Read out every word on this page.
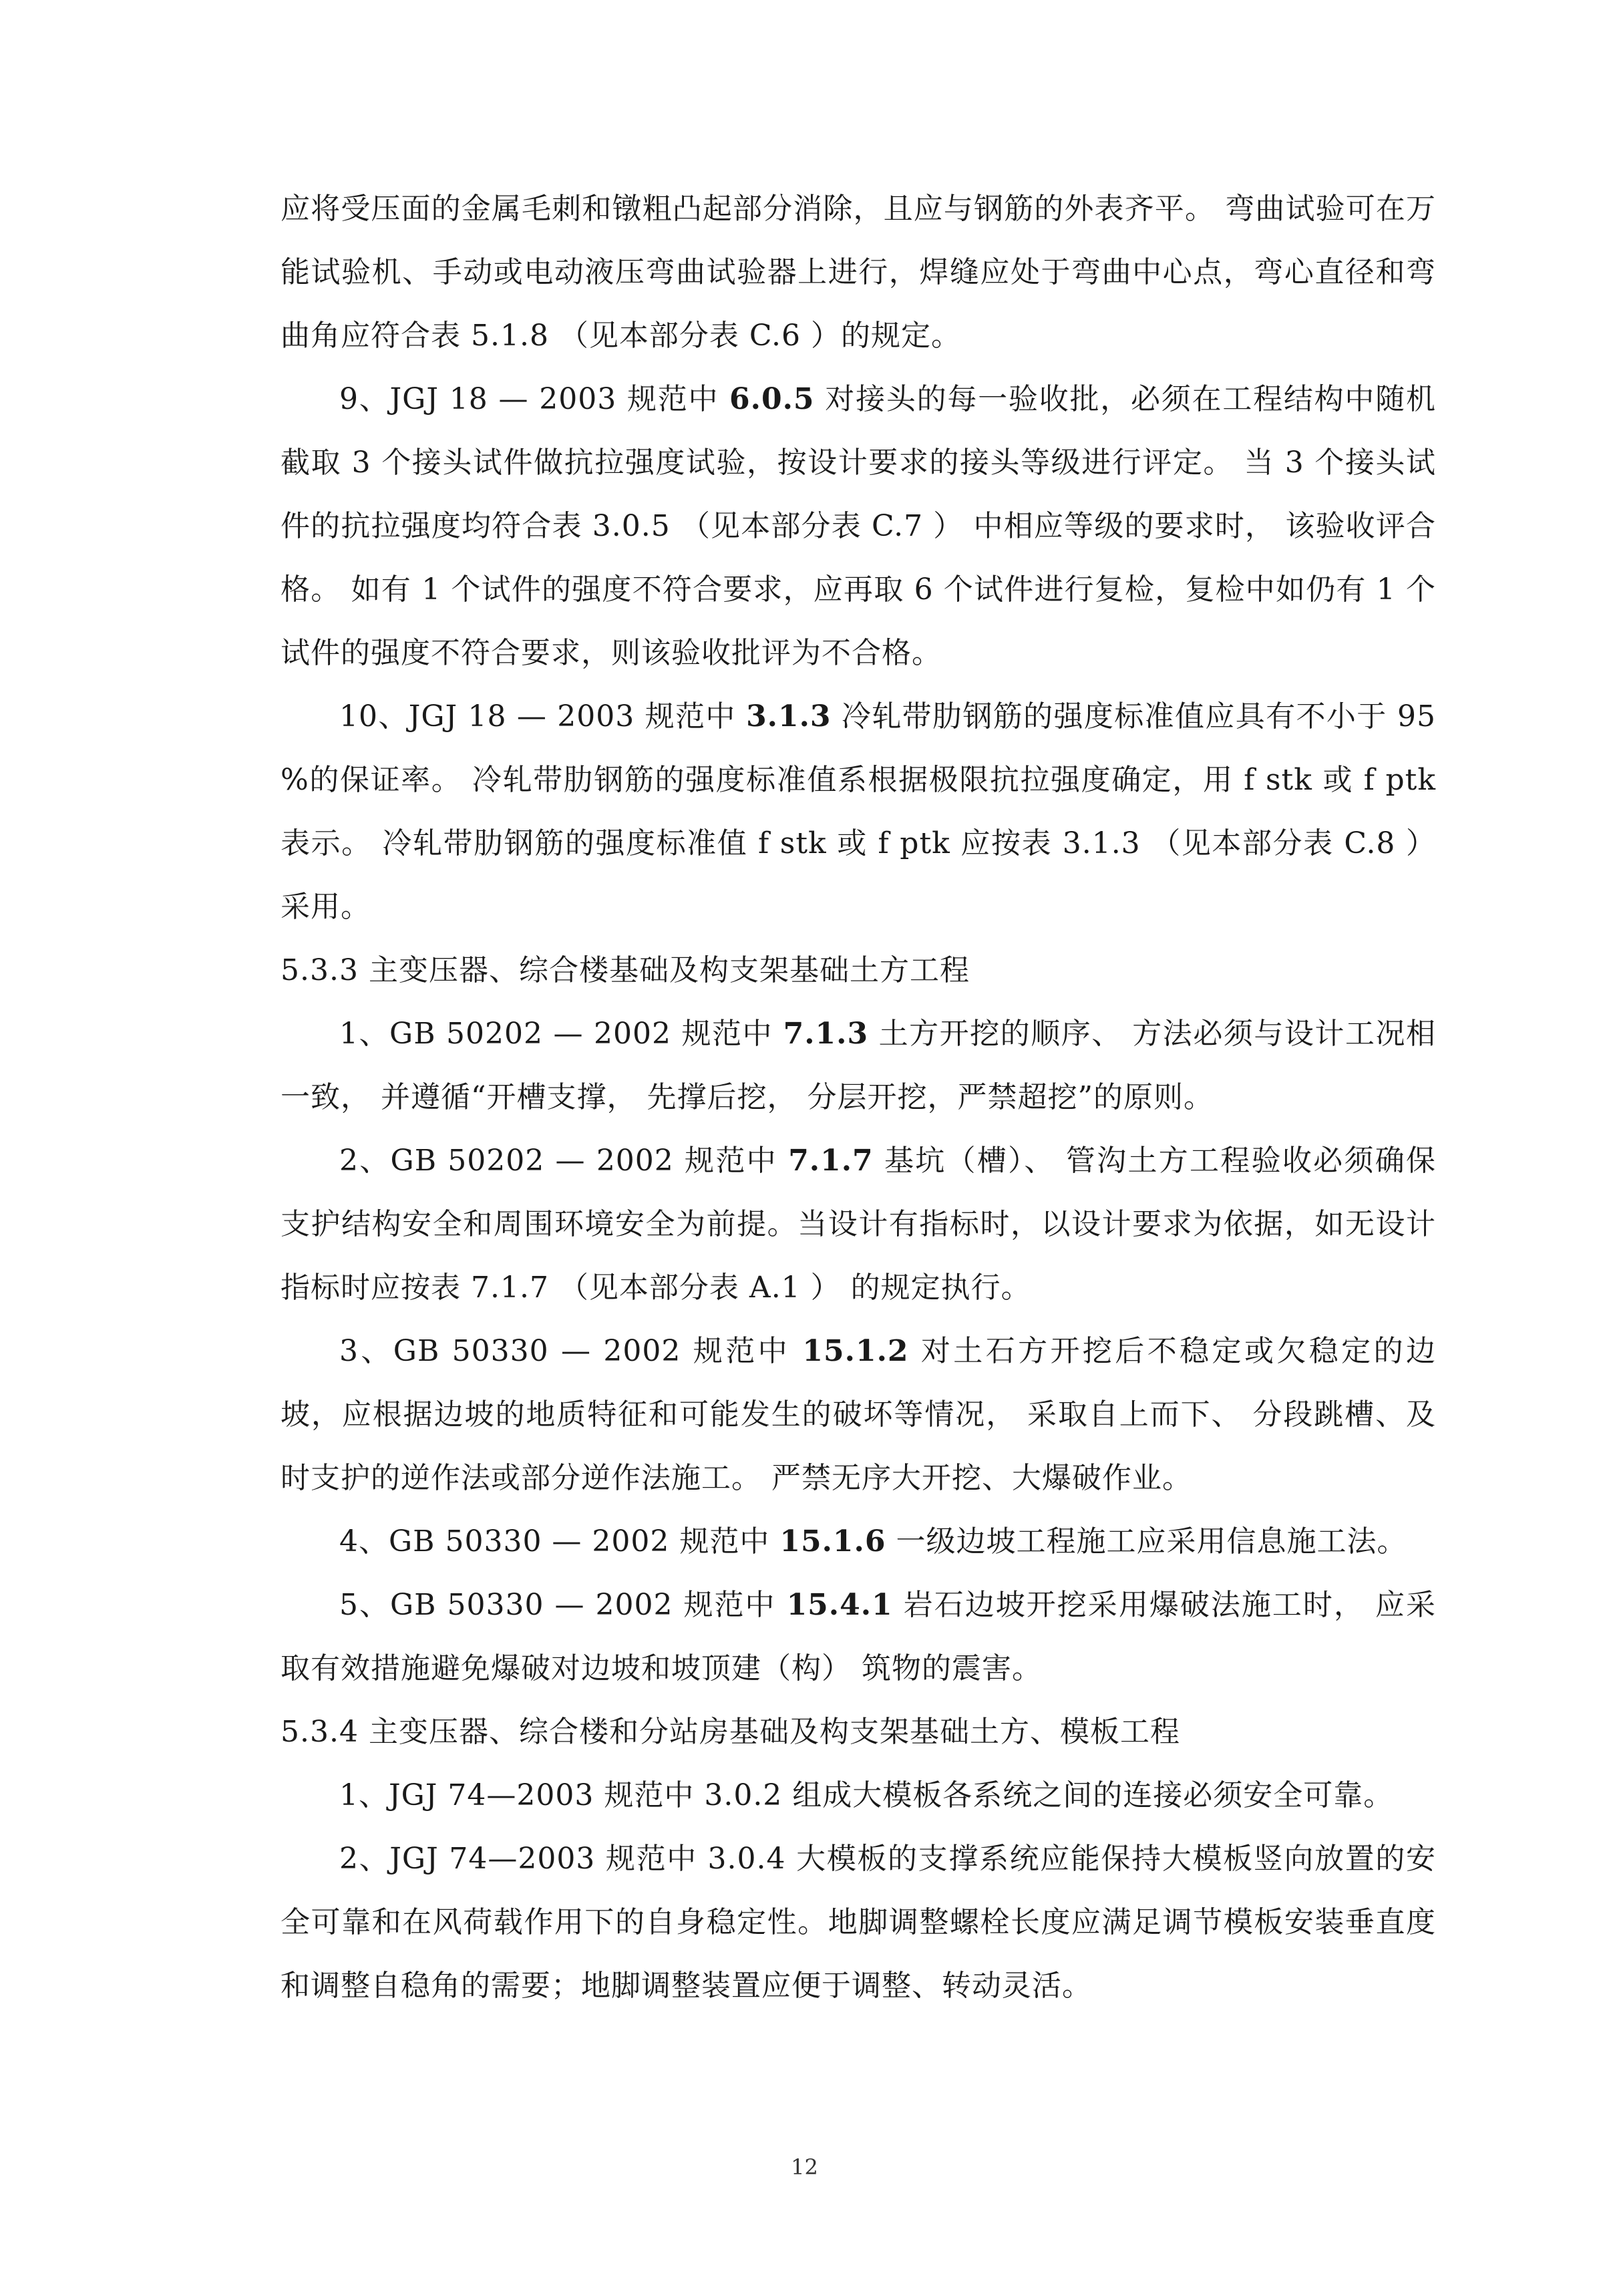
应将受压面的金属毛刺和镦粗凸起部分消除，且应与钢筋的外表齐平。 弯曲试验可在万能试验机、手动或电动液压弯曲试验器上进行，焊缝应处于弯曲中心点，弯心直径和弯曲角应符合表 5.1.8 （见本部分表 C.6 ）的规定。

9、JGJ 18 — 2003 规范中 6.0.5 对接头的每一验收批，必须在工程结构中随机截取 3 个接头试件做抗拉强度试验，按设计要求的接头等级进行评定。 当 3 个接头试件的抗拉强度均符合表 3.0.5 （见本部分表 C.7 ） 中相应等级的要求时， 该验收评合格。 如有 1 个试件的强度不符合要求，应再取 6 个试件进行复检，复检中如仍有 1 个试件的强度不符合要求，则该验收批评为不合格。

10、JGJ 18 — 2003 规范中 3.1.3 冷轧带肋钢筋的强度标准值应具有不小于 95 %的保证率。 冷轧带肋钢筋的强度标准值系根据极限抗拉强度确定，用 f stk 或 f ptk 表示。 冷轧带肋钢筋的强度标准值 f stk 或 f ptk 应按表 3.1.3 （见本部分表 C.8 ）采用。

5.3.3 主变压器、综合楼基础及构支架基础土方工程

1、GB 50202 — 2002 规范中 7.1.3 土方开挖的顺序、 方法必须与设计工况相一致， 并遵循“开槽支撑， 先撑后挖， 分层开挖，严禁超挖”的原则。

2、GB 50202 — 2002 规范中 7.1.7 基坑（槽）、 管沟土方工程验收必须确保支护结构安全和周围环境安全为前提。当设计有指标时，以设计要求为依据，如无设计指标时应按表 7.1.7 （见本部分表 A.1 ） 的规定执行。

3、GB 50330 — 2002 规范中 15.1.2 对土石方开挖后不稳定或欠稳定的边坡，应根据边坡的地质特征和可能发生的破坏等情况， 采取自上而下、 分段跳槽、及时支护的逆作法或部分逆作法施工。 严禁无序大开挖、大爆破作业。

4、GB 50330 — 2002 规范中 15.1.6 一级边坡工程施工应采用信息施工法。

5、GB 50330 — 2002 规范中 15.4.1 岩石边坡开挖采用爆破法施工时， 应采取有效措施避免爆破对边坡和坡顶建（构） 筑物的震害。

5.3.4 主变压器、综合楼和分站房基础及构支架基础土方、模板工程

1、JGJ 74—2003 规范中 3.0.2 组成大模板各系统之间的连接必须安全可靠。

2、JGJ 74—2003 规范中 3.0.4 大模板的支撑系统应能保持大模板竖向放置的安全可靠和在风荷载作用下的自身稳定性。地脚调整螺栓长度应满足调节模板安装垂直度和调整自稳角的需要；地脚调整装置应便于调整、转动灵活。

12
